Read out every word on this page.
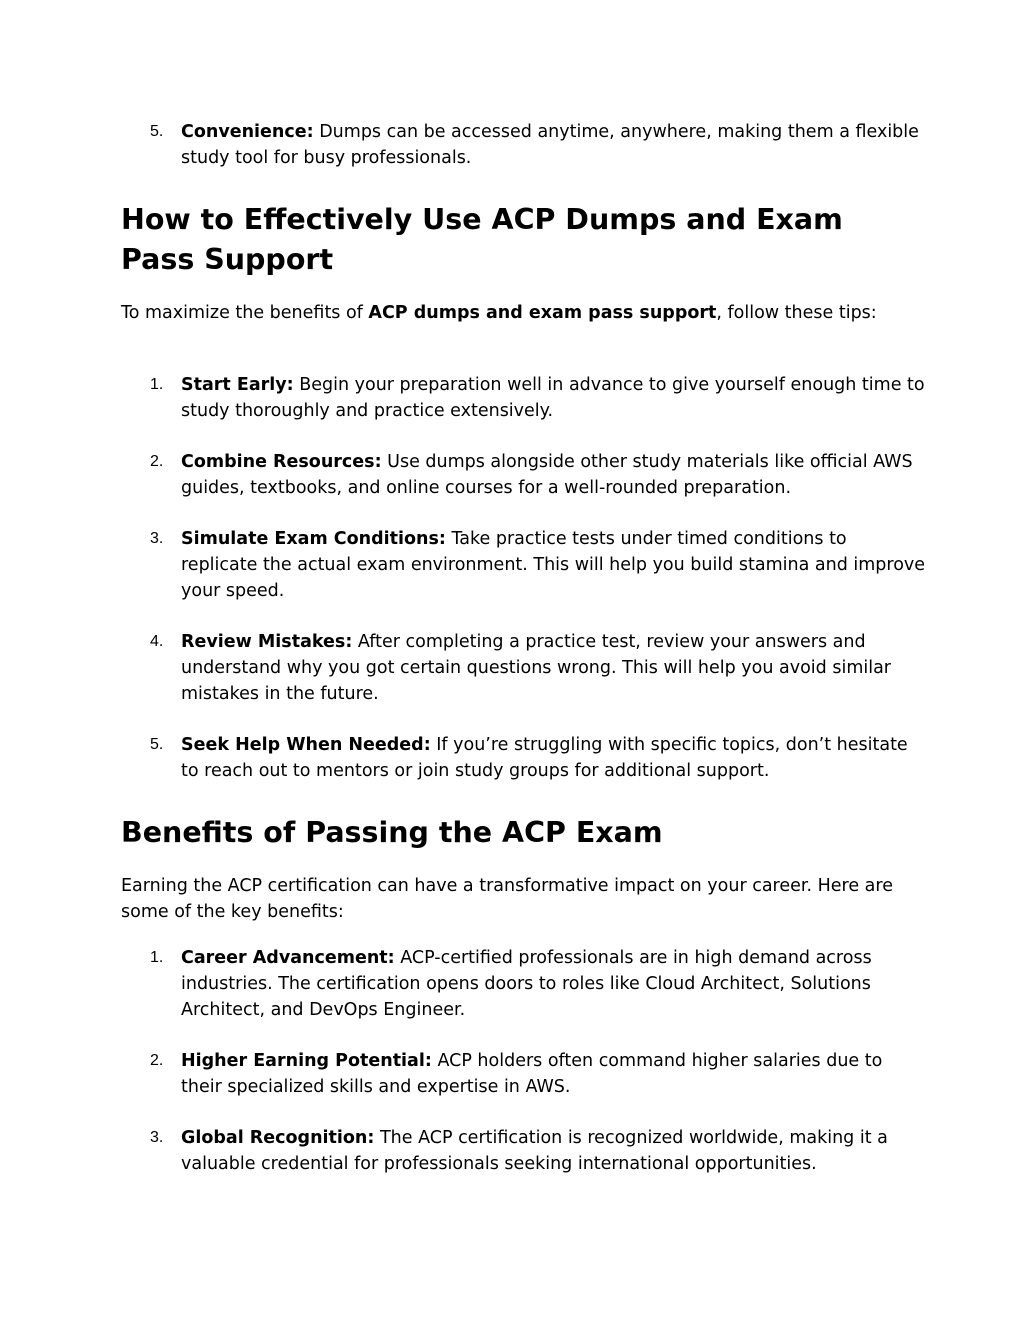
5.	Convenience: Dumps can be accessed anytime, anywhere, making them a flexible study tool for busy professionals.
How to Effectively Use ACP Dumps and Exam Pass Support

To maximize the benefits of ACP dumps and exam pass support, follow these tips:

1.	Start Early: Begin your preparation well in advance to give yourself enough time to study thoroughly and practice extensively.
2.	Combine Resources: Use dumps alongside other study materials like official AWS guides, textbooks, and online courses for a well-rounded preparation.
3.	Simulate Exam Conditions: Take practice tests under timed conditions to replicate the actual exam environment. This will help you build stamina and improve your speed.
4.	Review Mistakes: After completing a practice test, review your answers and understand why you got certain questions wrong. This will help you avoid similar mistakes in the future.
5.	Seek Help When Needed: If you’re struggling with specific topics, don’t hesitate to reach out to mentors or join study groups for additional support.
Benefits of Passing the ACP Exam

Earning the ACP certification can have a transformative impact on your career. Here are some of the key benefits:

1.	Career Advancement: ACP-certified professionals are in high demand across industries. The certification opens doors to roles like Cloud Architect, Solutions Architect, and DevOps Engineer.
2.	Higher Earning Potential: ACP holders often command higher salaries due to their specialized skills and expertise in AWS.
3.	Global Recognition: The ACP certification is recognized worldwide, making it a valuable credential for professionals seeking international opportunities.
